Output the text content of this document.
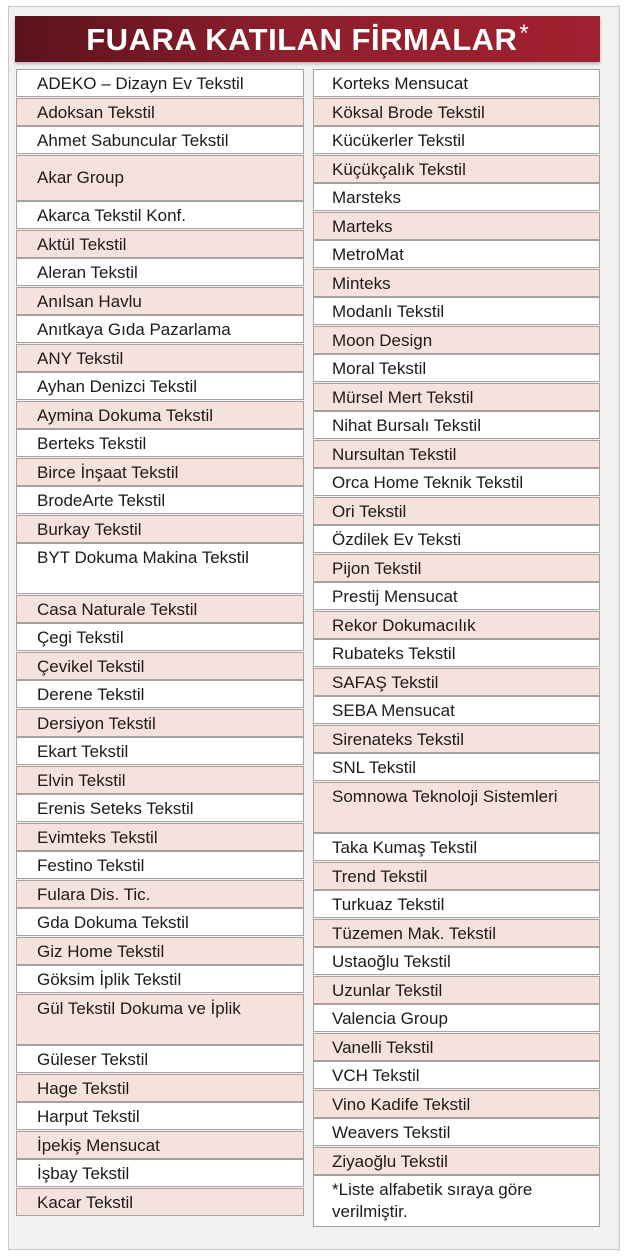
FUARA KATILAN FİRMALAR *
ADEKO – Dizayn Ev Tekstil
Adoksan Tekstil
Ahmet Sabuncular Tekstil
Akar Group
Akarca Tekstil Konf.
Aktül Tekstil
Aleran Tekstil
Anılsan Havlu
Anıtkaya Gıda Pazarlama
ANY Tekstil
Ayhan Denizci Tekstil
Aymina Dokuma Tekstil
Berteks Tekstil
Birce İnşaat Tekstil
BrodeArte Tekstil
Burkay Tekstil
BYT Dokuma Makina Tekstil
Casa Naturale Tekstil
Çegi Tekstil
Çevikel Tekstil
Derene Tekstil
Dersiyon Tekstil
Ekart Tekstil
Elvin Tekstil
Erenis Seteks Tekstil
Evimteks Tekstil
Festino Tekstil
Fulara Dis. Tic.
Gda Dokuma Tekstil
Giz Home Tekstil
Göksim İplik Tekstil
Gül Tekstil Dokuma ve İplik
Güleser Tekstil
Hage Tekstil
Harput Tekstil
İpekiş Mensucat
İşbay Tekstil
Kacar Tekstil
Korteks Mensucat
Köksal Brode Tekstil
Kücükerler Tekstil
Küçükçalık Tekstil
Marsteks
Marteks
MetroMat
Minteks
Modanlı Tekstil
Moon Design
Moral Tekstil
Mürsel Mert Tekstil
Nihat Bursalı Tekstil
Nursultan Tekstil
Orca Home Teknik Tekstil
Ori Tekstil
Özdilek Ev Teksti
Pijon Tekstil
Prestij Mensucat
Rekor Dokumacılık
Rubateks Tekstil
SAFAŞ Tekstil
SEBA Mensucat
Sirenateks Tekstil
SNL Tekstil
Somnowa Teknoloji Sistemleri
Taka Kumaş Tekstil
Trend Tekstil
Turkuaz Tekstil
Tüzemen Mak. Tekstil
Ustaoğlu Tekstil
Uzunlar Tekstil
Valencia Group
Vanelli Tekstil
VCH Tekstil
Vino Kadife Tekstil
Weavers Tekstil
Ziyaoğlu Tekstil
*Liste alfabetik sıraya göre verilmiştir.
